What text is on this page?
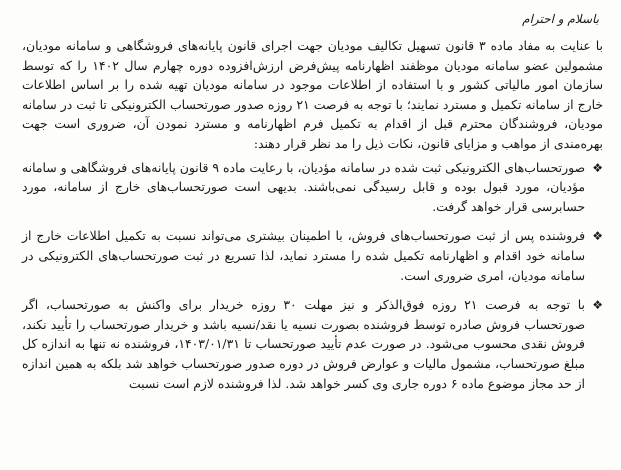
باسلام و احترام

با عنایت به مفاد ماده ۳ قانون تسهیل تکالیف مودیان جهت اجرای قانون پایانه‌های فروشگاهی و سامانه مودیان، مشمولین عضو سامانه مودیان موظفند اظهارنامه پیش‌فرض ارزش‌افزوده دوره چهارم سال ۱۴۰۲ را که توسط سازمان امور مالیاتی کشور و با استفاده از اطلاعات موجود در سامانه مودیان تهیه شده را بر اساس اطلاعات خارج از سامانه تکمیل و مسترد نمایند؛ با توجه به فرصت ۲۱ روزه صدور صورتحساب الکترونیکی تا ثبت در سامانه مودیان، فروشندگان محترم قبل از اقدام به تکمیل فرم اظهارنامه و مسترد نمودن آن، ضروری است جهت بهره‌مندی از مواهب و مزایای قانون، نکات ذیل را مد نظر قرار دهند:

❖
صورتحساب‌های الکترونیکی ثبت شده در سامانه مؤدیان، با رعایت ماده ۹ قانون پایانه‌های فروشگاهی و سامانه مؤدیان، مورد قبول بوده و قابل رسیدگی نمی‌باشند. بدیهی است صورتحساب‌های خارج از سامانه، مورد حسابرسی قرار خواهد گرفت.
❖
فروشنده پس از ثبت صورتحساب‌های فروش، با اطمینان بیشتری می‌تواند نسبت به تکمیل اطلاعات خارج از سامانه خود اقدام و اظهارنامه تکمیل شده را مسترد نماید، لذا تسریع در ثبت صورتحساب‌های الکترونیکی در سامانه مودیان، امری ضروری است.
❖
با توجه به فرصت ۲۱ روزه فوق‌الذکر و نیز مهلت ۳۰ روزه خریدار برای واکنش به صورتحساب، اگر صورتحساب فروش صادره توسط فروشنده بصورت نسیه یا نقد/نسیه باشد و خریدار صورتحساب را تأیید نکند، فروش نقدی محسوب می‌شود. در صورت عدم تأیید صورتحساب تا ۱۴۰۳/۰۱/۳۱، فروشنده نه تنها به اندازه کل مبلغ صورتحساب، مشمول مالیات و عوارض فروش در دوره صدور صورتحساب خواهد شد بلکه به همین اندازه از حد مجاز موضوع ماده ۶ دوره جاری وی کسر خواهد شد. لذا فروشنده لازم است نسبت
